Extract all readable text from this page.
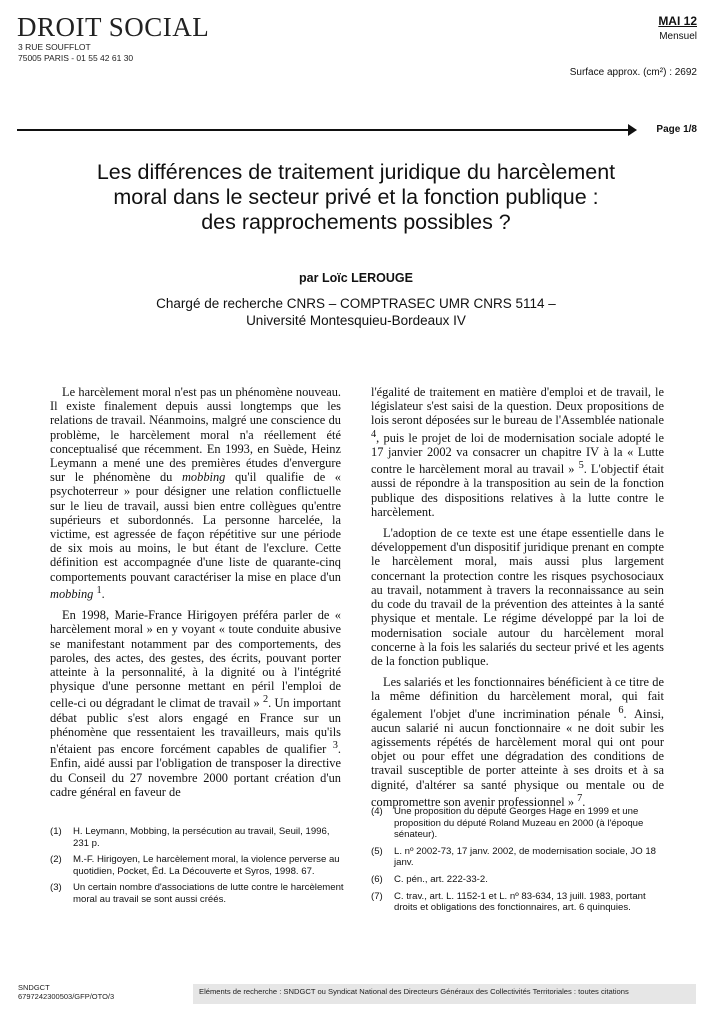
DROIT SOCIAL
3 RUE SOUFFLOT
75005 PARIS - 01 55 42 61 30
MAI 12
Mensuel
Surface approx. (cm²) : 2692
Page 1/8
Les différences de traitement juridique du harcèlement
moral dans le secteur privé et la fonction publique :
des rapprochements possibles ?
par Loïc LEROUGE
Chargé de recherche CNRS – COMPTRASEC UMR CNRS 5114 –
Université Montesquieu-Bordeaux IV

Le harcèlement moral n'est pas un phénomène nouveau. Il existe finalement depuis aussi longtemps que les relations de travail. Néanmoins, malgré une conscience du problème, le harcèlement moral n'a réellement été conceptualisé que récemment. En 1993, en Suède, Heinz Leymann a mené une des premières études d'envergure sur le phénomène du mobbing qu'il qualifie de « psychoterreur » pour désigner une relation conflictuelle sur le lieu de travail, aussi bien entre collègues qu'entre supérieurs et subordonnés. La personne harcelée, la victime, est agressée de façon répétitive sur une période de six mois au moins, le but étant de l'exclure. Cette définition est accompagnée d'une liste de quarante-cinq comportements pouvant caractériser la mise en place d'un mobbing $^1$.

En 1998, Marie-France Hirigoyen préféra parler de « harcèlement moral » en y voyant « toute conduite abusive se manifestant notamment par des comportements, des paroles, des actes, des gestes, des écrits, pouvant porter atteinte à la personnalité, à la dignité ou à l'intégrité physique d'une personne mettant en péril l'emploi de celle-ci ou dégradant le climat de travail » $^2$. Un important débat public s'est alors engagé en France sur un phénomène que ressentaient les travailleurs, mais qu'ils n'étaient pas encore forcément capables de qualifier $^3$. Enfin, aidé aussi par l'obligation de transposer la directive du Conseil du 27 novembre 2000 portant création d'un cadre général en faveur de

l'égalité de traitement en matière d'emploi et de travail, le législateur s'est saisi de la question. Deux propositions de lois seront déposées sur le bureau de l'Assemblée nationale $^4$, puis le projet de loi de modernisation sociale adopté le 17 janvier 2002 va consacrer un chapitre IV à la « Lutte contre le harcèlement moral au travail » $^5$. L'objectif était aussi de répondre à la transposition au sein de la fonction publique des dispositions relatives à la lutte contre le harcèlement.

L'adoption de ce texte est une étape essentielle dans le développement d'un dispositif juridique prenant en compte le harcèlement moral, mais aussi plus largement concernant la protection contre les risques psychosociaux au travail, notamment à travers la reconnaissance au sein du code du travail de la prévention des atteintes à la santé physique et mentale. Le régime développé par la loi de modernisation sociale autour du harcèlement moral concerne à la fois les salariés du secteur privé et les agents de la fonction publique.

Les salariés et les fonctionnaires bénéficient à ce titre de la même définition du harcèlement moral, qui fait également l'objet d'une incrimination pénale $^6$. Ainsi, aucun salarié ni aucun fonctionnaire « ne doit subir les agissements répétés de harcèlement moral qui ont pour objet ou pour effet une dégradation des conditions de travail susceptible de porter atteinte à ses droits et à sa dignité, d'altérer sa santé physique ou mentale ou de compromettre son avenir professionnel » $^7$.

(1) H. Leymann, Mobbing, la persécution au travail, Seuil, 1996, 231 p.
(2) M.-F. Hirigoyen, Le harcèlement moral, la violence perverse au quotidien, Pocket, Éd. La Découverte et Syros, 1998. 67.
(3) Un certain nombre d'associations de lutte contre le harcèlement moral au travail se sont aussi créés.
(4) Une proposition du député Georges Hage en 1999 et une proposition du député Roland Muzeau en 2000 (à l'époque sénateur).
(5) L. nº 2002-73, 17 janv. 2002, de modernisation sociale, JO 18 janv.
(6) C. pén., art. 222-33-2.
(7) C. trav., art. L. 1152-1 et L. nº 83-634, 13 juill. 1983, portant droits et obligations des fonctionnaires, art. 6 quinquies.
SNDGCT
6797242300503/GFP/OTO/3
Eléments de recherche : SNDGCT ou Syndicat National des Directeurs Généraux des Collectivités Territoriales : toutes citations
